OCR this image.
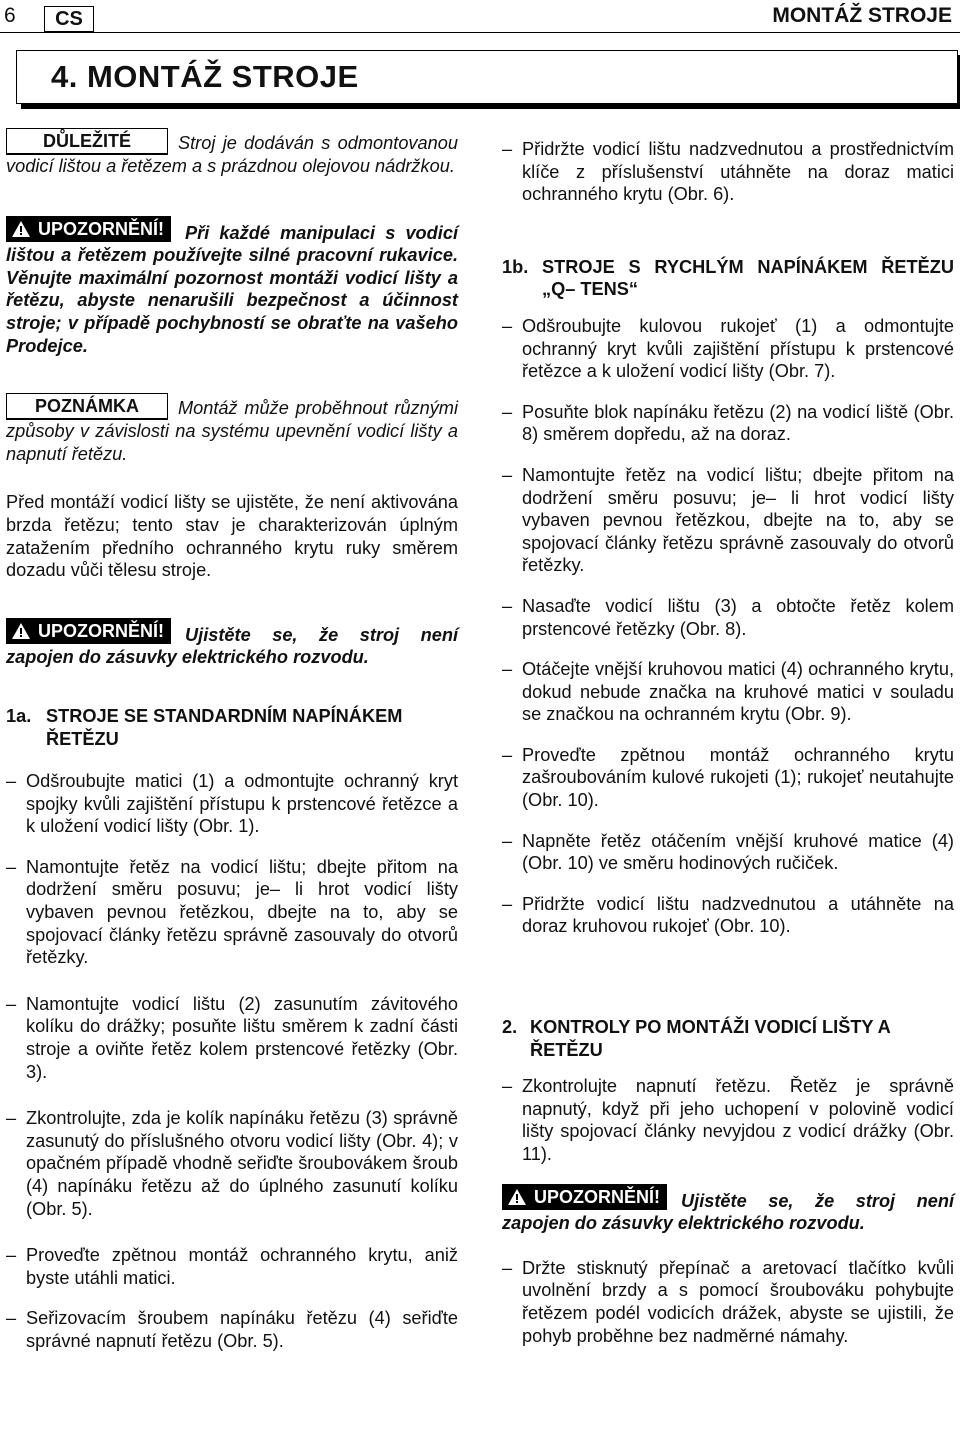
6	CS	MONTÁŽ STROJE
4. MONTÁŽ STROJE
DŮLEŽITÉ	Stroj je dodáván s odmontovanou vodicí lištou a řetězem a s prázdnou olejovou nádržkou.
UPOZORNĚNÍ! Při každé manipulaci s vodicí lištou a řetězem používejte silné pracovní rukavice. Věnujte maximální pozornost montáži vodicí lišty a řetězu, abyste nenarušili bezpečnost a účinnost stroje; v případě pochybností se obraťte na vašeho Prodejce.
POZNÁMKA Montáž může proběhnout různými způsoby v závislosti na systému upevnění vodicí lišty a napnutí řetězu.
Před montáží vodicí lišty se ujistěte, že není aktivována brzda řetězu; tento stav je charakterizován úplným zatažením předního ochranného krytu ruky směrem dozadu vůči tělesu stroje.
UPOZORNĚNÍ! Ujistěte se, že stroj není zapojen do zásuvky elektrického rozvodu.
1a. STROJE SE STANDARDNÍM NAPÍNÁKEM ŘETĚZU
– Odšroubujte matici (1) a odmontujte ochranný kryt spojky kvůli zajištění přístupu k prstencové řetězce a k uložení vodicí lišty (Obr. 1).
– Namontujte řetěz na vodicí lištu; dbejte přitom na dodržení směru posuvu; je– li hrot vodicí lišty vybaven pevnou řetězkou, dbejte na to, aby se spojovací články řetězu správně zasouvaly do otvorů řetězky.
– Namontujte vodicí lištu (2) zasunutím závitového kolíku do drážky; posuňte lištu směrem k zadní části stroje a oviňte řetěz kolem prstencové řetězky (Obr. 3).
– Zkontrolujte, zda je kolík napínáku řetězu (3) správně zasunutý do příslušného otvoru vodicí lišty (Obr. 4); v opačném případě vhodně seřiďte šroubovákem šroub (4) napínáku řetězu až do úplného zasunutí kolíku (Obr. 5).
– Proveďte zpětnou montáž ochranného krytu, aniž byste utáhli matici.
– Seřizovacím šroubem napínáku řetězu (4) seřiďte správné napnutí řetězu (Obr. 5).
– Přidržte vodicí lištu nadzvednutou a prostřednictvím klíče z příslušenství utáhněte na doraz matici ochranného krytu (Obr. 6).
1b. STROJE S RYCHLÝM NAPÍNÁKEM ŘETĚZU „Q– TENS“
– Odšroubujte kulovou rukojeť (1) a odmontujte ochranný kryt kvůli zajištění přístupu k prstencové řetězce a k uložení vodicí lišty (Obr. 7).
– Posuňte blok napínáku řetězu (2) na vodicí liště (Obr. 8) směrem dopředu, až na doraz.
– Namontujte řetěz na vodicí lištu; dbejte přitom na dodržení směru posuvu; je– li hrot vodicí lišty vybaven pevnou řetězkou, dbejte na to, aby se spojovací články řetězu správně zasouvaly do otvorů řetězky.
– Nasaďte vodicí lištu (3) a obtočte řetěz kolem prstencové řetězky (Obr. 8).
– Otáčejte vnější kruhovou matici (4) ochranného krytu, dokud nebude značka na kruhové matici v souladu se značkou na ochranném krytu (Obr. 9).
– Proveďte zpětnou montáž ochranného krytu zašroubováním kulové rukojeti (1); rukojeť neutahujte (Obr. 10).
– Napněte řetěz otáčením vnější kruhové matice (4) (Obr. 10) ve směru hodinových ručiček.
– Přidržte vodicí lištu nadzvednutou a utáhněte na doraz kruhovou rukojeť (Obr. 10).
2. KONTROLY PO MONTÁŽI VODICÍ LIŠTY A ŘETĚZU
– Zkontrolujte napnutí řetězu. Řetěz je správně napnutý, když při jeho uchopení v polovině vodicí lišty spojovací články nevyjdou z vodicí drážky (Obr. 11).
UPOZORNĚNÍ! Ujistěte se, že stroj není zapojen do zásuvky elektrického rozvodu.
– Držte stisknutý přepínač a aretovací tlačítko kvůli uvolnění brzdy a s pomocí šroubováku pohybujte řetězem podél vodicích drážek, abyste se ujistili, že pohyb proběhne bez nadměrné námahy.
